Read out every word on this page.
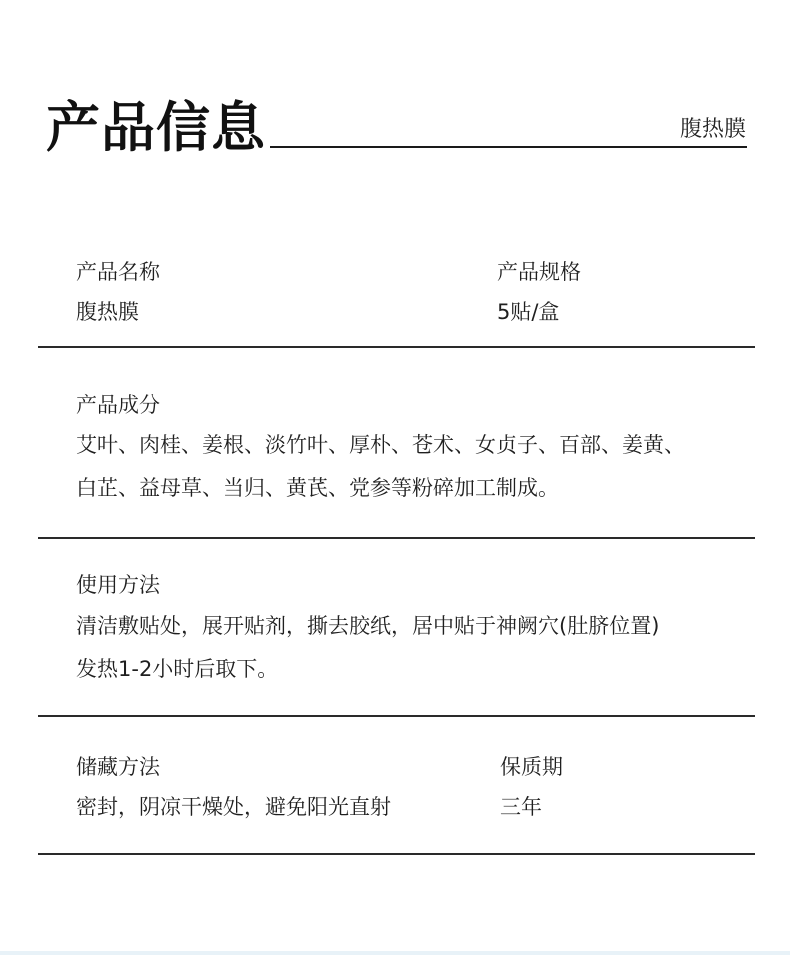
产品信息	腹热膜
产品名称
腹热膜
产品规格
5贴/盒
产品成分
艾叶、肉桂、姜根、淡竹叶、厚朴、苍术、女贞子、百部、姜黄、
白芷、益母草、当归、黄芪、党参等粉碎加工制成。
使用方法
清洁敷贴处，展开贴剂，撕去胶纸，居中贴于神阙穴(肚脐位置)
发热1-2小时后取下。
储藏方法
密封，阴凉干燥处，避免阳光直射
保质期
三年
